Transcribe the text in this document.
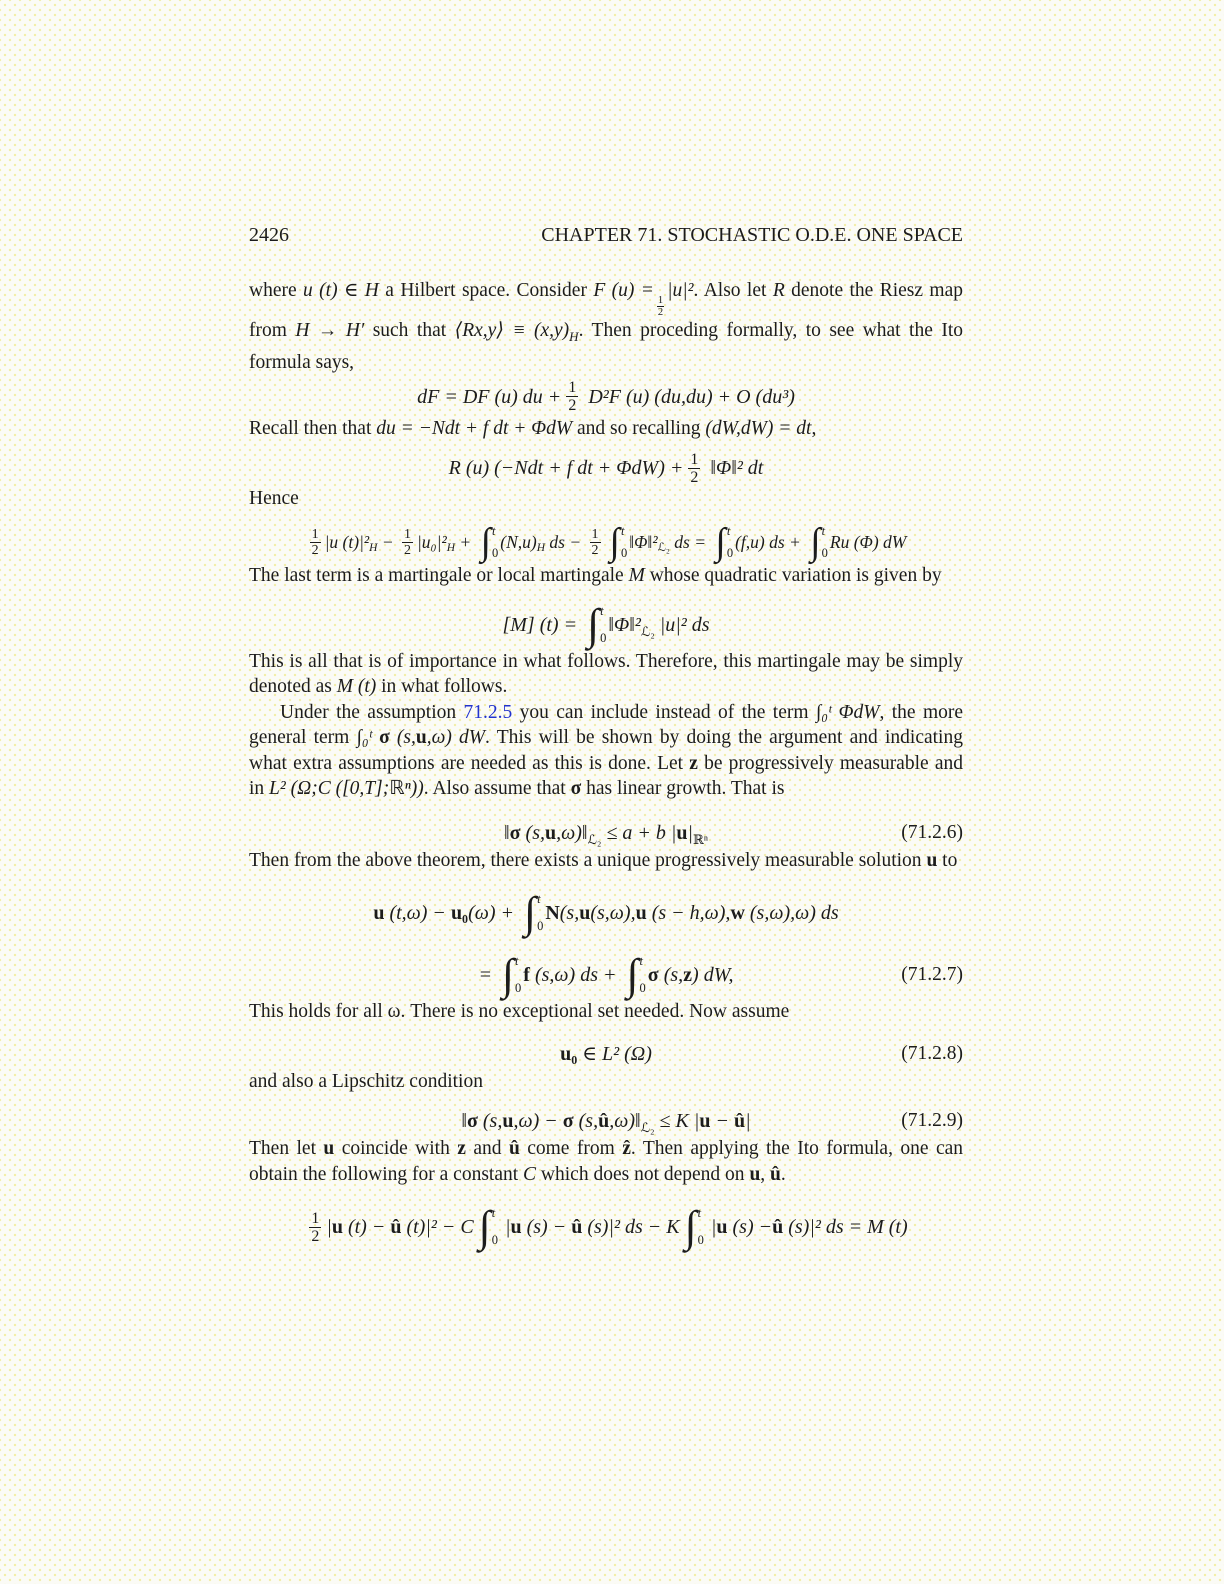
2426	CHAPTER 71. STOCHASTIC O.D.E. ONE SPACE

where u (t) ∈ H a Hilbert space. Consider F (u) =
$\frac{1}{2}$
|u|². Also let R denote the Riesz map from H → H′ such that ⟨Rx,y⟩ ≡ $(x,y)_H$. Then proceding formally, to see what the Ito formula says,

dF = DF (u) du + $\frac{1}{2} D^2F$ (u) (du,du) + O (du³)

Recall then that du = −Ndt + f dt + ΦdW and so recalling (dW,dW) = dt,

R (u) (−Ndt + f dt + $\Phi dW) + \frac{1}{2}$ ‖Φ‖² dt

Hence

$\frac{1}{2} |u$ (t)|² $H - \frac{1}{2} |u_0|^2$ H + ∫ t
0
(N,u) H ds − $\frac{1}{2}$ ∫ t
0
‖Φ‖² ℒ₂ ds = ∫ t
0
(f,u) ds + ∫ t
0
Ru (Φ) dW

The last term is a martingale or local martingale M whose quadratic variation is given by

[M] (t) = ∫ t
0
‖Φ‖² ℒ₂ |u|² ds

This is all that is of importance in what follows. Therefore, this martingale may be simply denoted as M (t) in what follows.

Under the assumption 71.2.5 you can include instead of the term ∫₀ᵗ ΦdW, the more general term ∫₀ᵗ σ (s,u,ω) dW. This will be shown by doing the argument and indicating what extra assumptions are needed as this is done. Let z be progressively measurable and in L² (Ω;C ([0,T];ℝⁿ)). Also assume that σ has linear growth. That is

‖ σ (s, u ,ω)‖ ℒ₂ ≤ a + b | u | ℝⁿ	(71.2.6)

Then from the above theorem, there exists a unique progressively measurable solution u to

u (t,ω) − u₀ (ω) + ∫ t
0
N (s, u (s,ω), u (s − h,ω), w (s,ω),ω) ds
= ∫ t
0
f (s,ω) ds + ∫ t
0
σ (s, z ) dW,	(71.2.7)

This holds for all ω. There is no exceptional set needed. Now assume

u₀ ∈ L² (Ω)	(71.2.8)

and also a Lipschitz condition

‖ σ (s, u ,ω) − σ (s, û ,ω)‖ ℒ₂ ≤ K | u − û |	(71.2.9)

Then let u coincide with z and û come from ẑ. Then applying the Ito formula, one can obtain the following for a constant C which does not depend on u, û.

$\frac{1}{2}$ | u (t) − û (t)|² − C ∫ t
0
| u (s) − û (s)|² ds − K ∫ t
0
| u (s) − û (s)|² ds = M (t)
